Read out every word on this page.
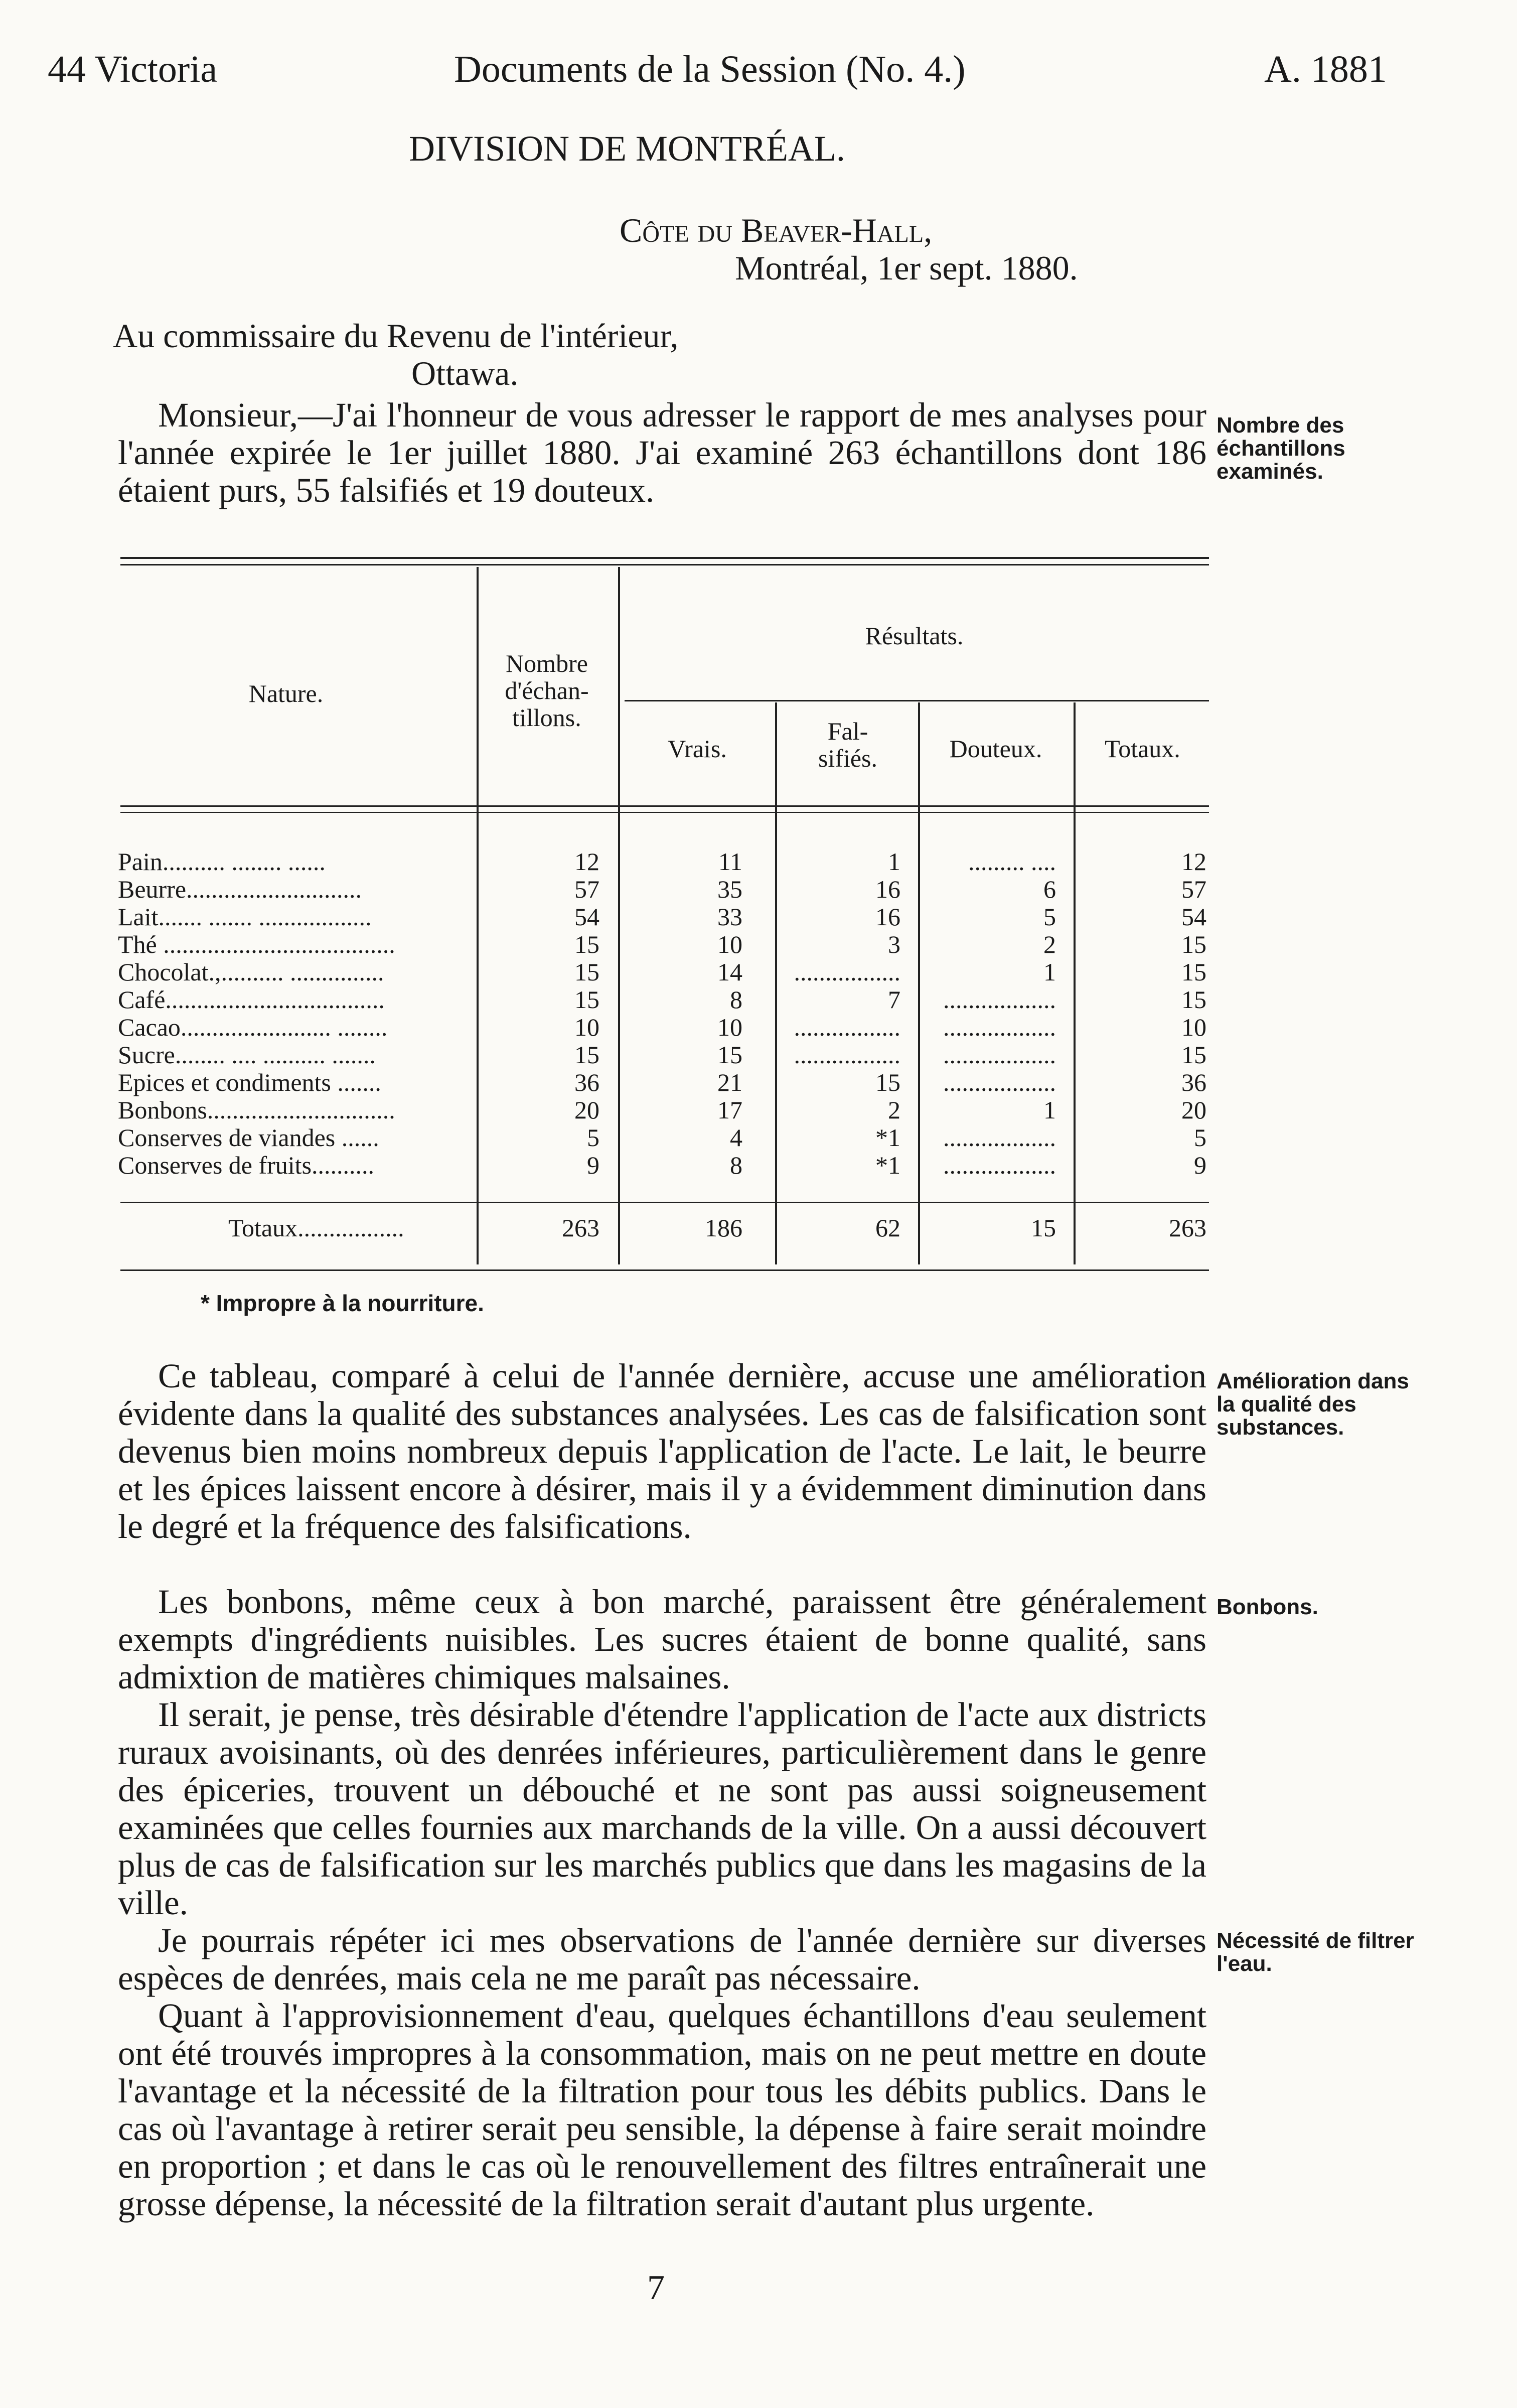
44 Victoria	Documents de la Session (No. 4.)	A. 1881
DIVISION DE MONTRÉAL.
Côte du Beaver-Hall,
Montréal, 1er sept. 1880.
Au commissaire du Revenu de l'intérieur,
Ottawa.
Monsieur,—J'ai l'honneur de vous adresser le rapport de mes analyses pour l'année expirée le 1er juillet 1880. J'ai examiné 263 échantillons dont 186 étaient purs, 55 falsifiés et 19 douteux.
Nombre des échantillons examinés.
Nature.
Nombre d'échan-tillons.
Résultats.
Vrais.
Fal-sifiés.	Douteux.	Totaux.
Pain.......... ........ ......	12	11	1	......... ....	12
Beurre............................	57	35	16	6	57
Lait....... ....... ..................	54	33	16	5	54
Thé .....................................	15	10	3	2	15
Chocolat.,.......... ...............	15	14	.................	1	15
Café...................................	15	8	7	..................	15
Cacao........................ ........	10	10	.................	..................	10
Sucre........ .... .......... .......	15	15	.................	..................	15
Epices et condiments .......	36	21	15	..................	36
Bonbons..............................	20	17	2	1	20
Conserves de viandes ......	5	4	*1	..................	5
Conserves de fruits..........	9	8	*1	..................	9
Totaux.................	263	186	62	15	263
* Impropre à la nourriture.
Ce tableau, comparé à celui de l'année dernière, accuse une amélioration évidente dans la qualité des substances analysées. Les cas de falsification sont devenus bien moins nombreux depuis l'application de l'acte. Le lait, le beurre et les épices laissent encore à désirer, mais il y a évidemment diminution dans le degré et la fréquence des falsifications.
Amélioration dans la qualité des substances.
Les bonbons, même ceux à bon marché, paraissent être généralement exempts d'ingrédients nuisibles. Les sucres étaient de bonne qualité, sans admixtion de matières chimiques malsaines.
Bonbons.
Il serait, je pense, très désirable d'étendre l'application de l'acte aux districts ruraux avoisinants, où des denrées inférieures, particulièrement dans le genre des épiceries, trouvent un débouché et ne sont pas aussi soigneusement examinées que celles fournies aux marchands de la ville. On a aussi découvert plus de cas de falsification sur les marchés publics que dans les magasins de la ville.
Je pourrais répéter ici mes observations de l'année dernière sur diverses espèces de denrées, mais cela ne me paraît pas nécessaire.
Nécessité de filtrer l'eau.
Quant à l'approvisionnement d'eau, quelques échantillons d'eau seulement ont été trouvés impropres à la consommation, mais on ne peut mettre en doute l'avantage et la nécessité de la filtration pour tous les débits publics. Dans le cas où l'avantage à retirer serait peu sensible, la dépense à faire serait moindre en proportion ; et dans le cas où le renouvellement des filtres entraînerait une grosse dépense, la nécessité de la filtration serait d'autant plus urgente.
7
